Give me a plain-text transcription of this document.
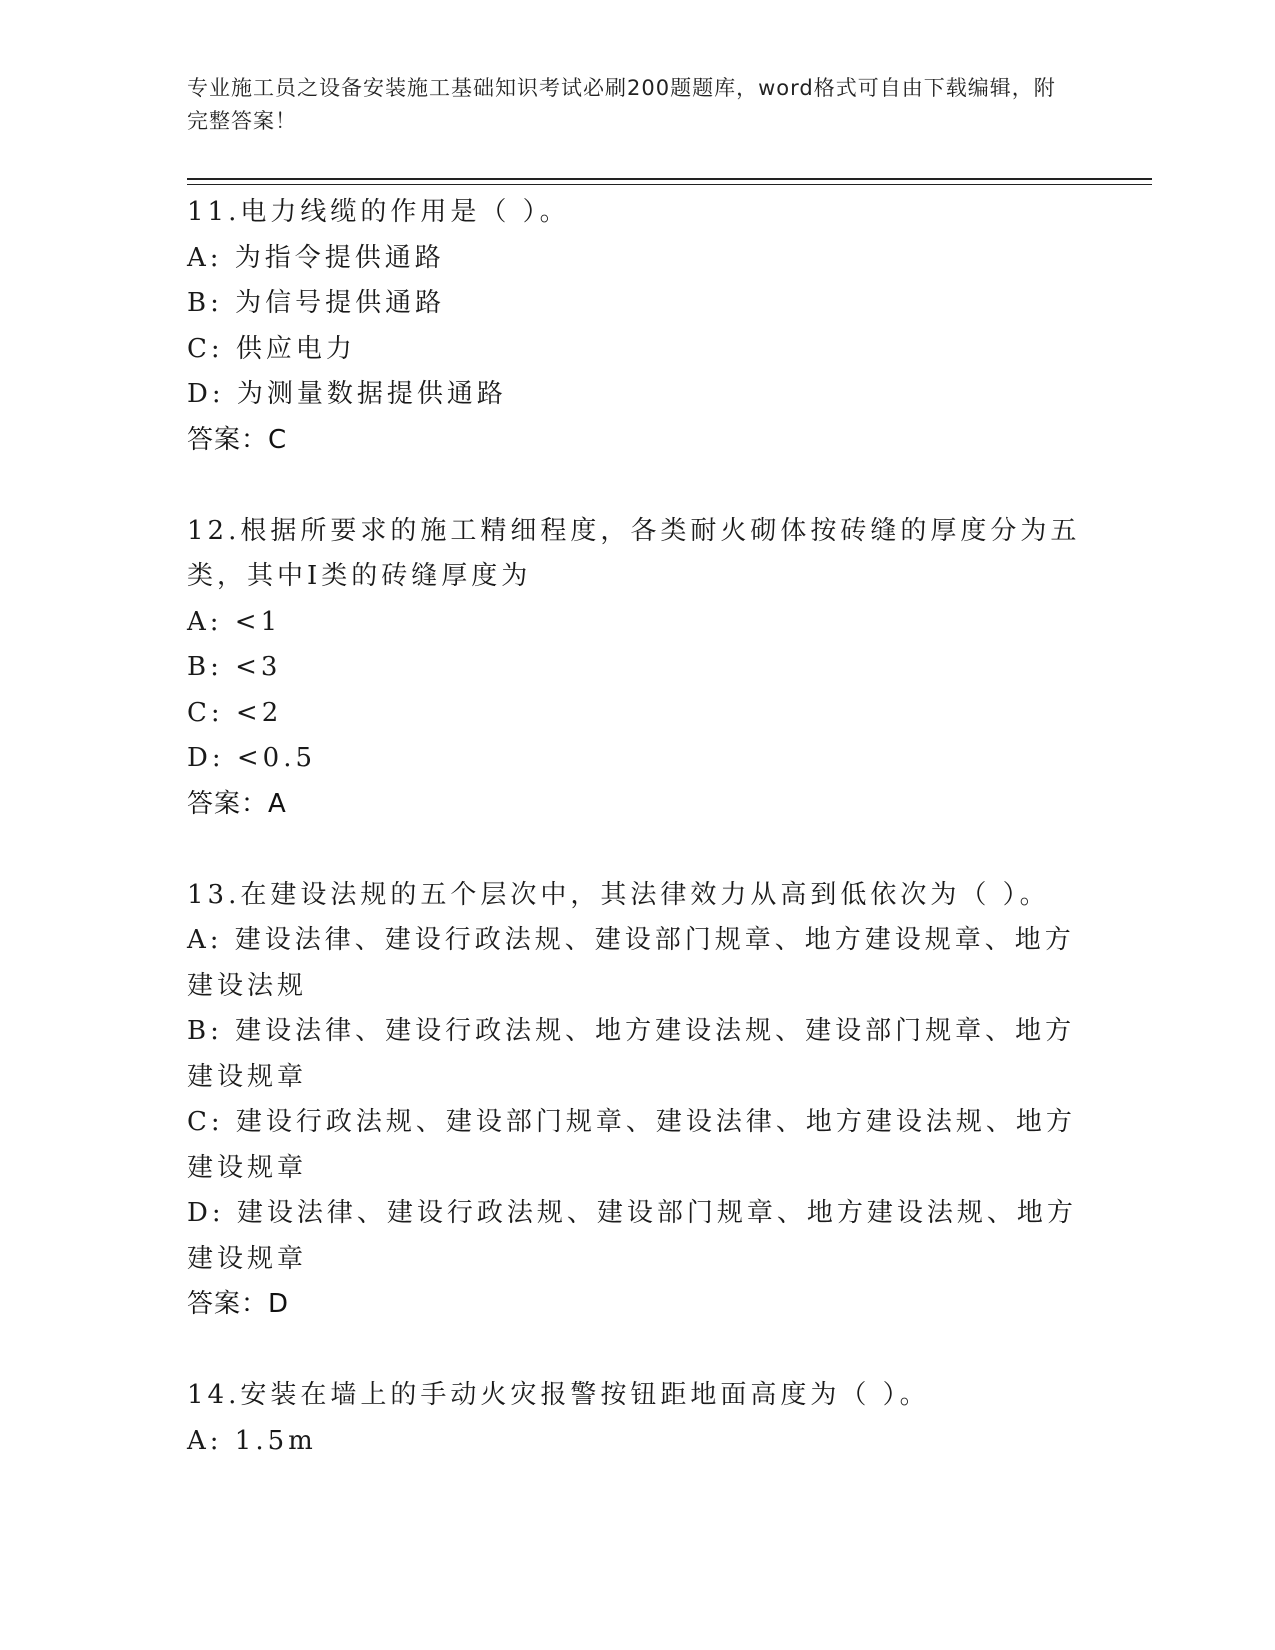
专业施工员之设备安装施工基础知识考试必刷200题题库，word格式可自由下载编辑，附完整答案！

11.电力线缆的作用是（ ）。

A: 为指令提供通路

B: 为信号提供通路

C: 供应电力

D: 为测量数据提供通路

答案：C

12.根据所要求的施工精细程度，各类耐火砌体按砖缝的厚度分为五类，其中Ⅰ类的砖缝厚度为

A: <1

B: <3

C: <2

D: <0.5

答案：A

13.在建设法规的五个层次中，其法律效力从高到低依次为（ ）。

A: 建设法律、建设行政法规、建设部门规章、地方建设规章、地方建设法规

B: 建设法律、建设行政法规、地方建设法规、建设部门规章、地方建设规章

C: 建设行政法规、建设部门规章、建设法律、地方建设法规、地方建设规章

D: 建设法律、建设行政法规、建设部门规章、地方建设法规、地方建设规章

答案：D

14.安装在墙上的手动火灾报警按钮距地面高度为（ ）。

A: 1.5m
